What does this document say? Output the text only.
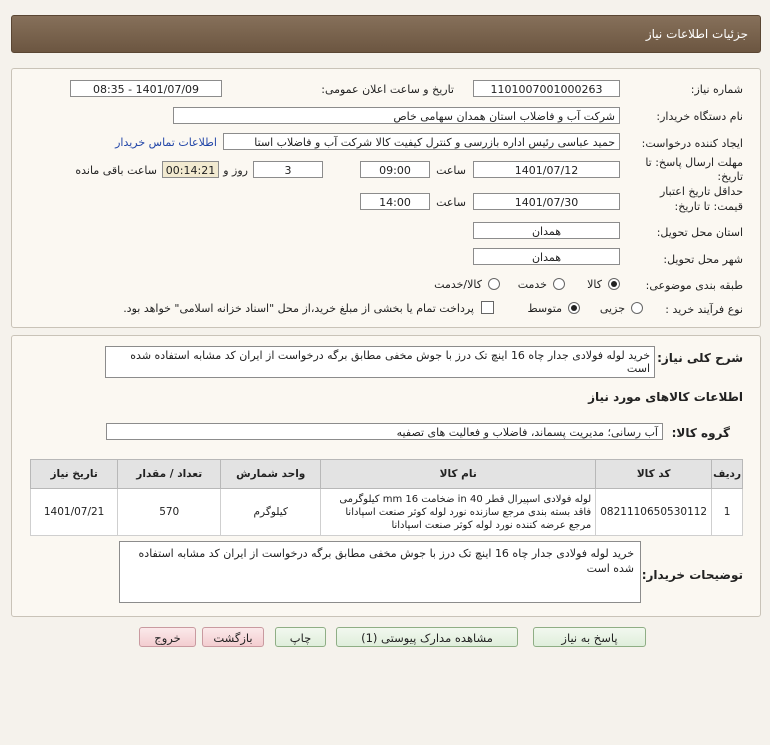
جزئیات اطلاعات نیاز
شماره نیاز:
1101007001000263
تاریخ و ساعت اعلان عمومی:
1401/07/09 - 08:35
نام دستگاه خریدار:
شرکت آب و فاضلاب استان همدان سهامی خاص
ایجاد کننده درخواست:
حمید عباسی رئیس اداره بازرسی و کنترل کیفیت کالا شرکت آب و فاضلاب استا
اطلاعات تماس خریدار
مهلت ارسال پاسخ: تا
تاریخ:
1401/07/12
ساعت
09:00
3
روز و
00:14:21
ساعت باقی مانده
حداقل تاریخ اعتبار
قیمت: تا تاریخ:
1401/07/30
ساعت
14:00
استان محل تحویل:
همدان
شهر محل تحویل:
همدان
طبقه بندی موضوعی:
کالا
خدمت
کالا/خدمت
نوع فرآیند خرید :
جزیی
متوسط
پرداخت تمام یا بخشی از مبلغ خرید،از محل "اسناد خزانه اسلامی" خواهد بود.
شرح کلی نیاز:
خرید لوله فولادی جدار چاه 16 اینچ تک درز با جوش مخفی مطابق برگه درخواست از ایران کد مشابه استفاده شده است
اطلاعات کالاهای مورد نیاز
گروه کالا:
آب رسانی؛ مدیریت پسماند، فاضلاب و فعالیت های تصفیه
ردیف	کد کالا	نام کالا	واحد شمارش	تعداد / مقدار	تاریخ نیاز
1	0821110650530112	لوله فولادی اسپیرال قطر in 40 ضخامت mm 16 کیلوگرمی فاقد بسته بندی مرجع سازنده نورد لوله کوثر صنعت اسپادانا مرجع عرضه کننده نورد لوله کوثر صنعت اسپادانا	کیلوگرم	570	1401/07/21
توضیحات خریدار:
خرید لوله فولادی جدار چاه 16 اینچ تک درز با جوش مخفی مطابق برگه درخواست از ایران کد مشابه استفاده شده است
پاسخ به نیاز
مشاهده مدارک پیوستی (1)
چاپ
بازگشت
خروج
